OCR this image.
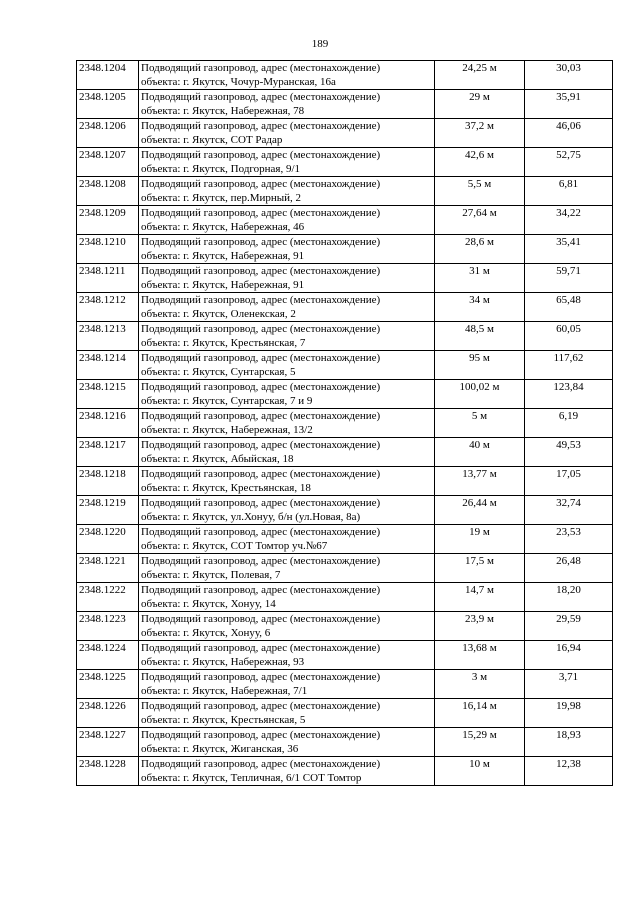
189
2348.1204	Подводящий газопровод, адрес (местонахождение)
объекта: г. Якутск, Чочур-Муранская, 16а	24,25 м	30,03
2348.1205	Подводящий газопровод, адрес (местонахождение)
объекта: г. Якутск, Набережная, 78	29 м	35,91
2348.1206	Подводящий газопровод, адрес (местонахождение)
объекта: г. Якутск, СОТ Радар	37,2 м	46,06
2348.1207	Подводящий газопровод, адрес (местонахождение)
объекта: г. Якутск, Подгорная, 9/1	42,6 м	52,75
2348.1208	Подводящий газопровод, адрес (местонахождение)
объекта: г. Якутск, пер.Мирный, 2	5,5 м	6,81
2348.1209	Подводящий газопровод, адрес (местонахождение)
объекта: г. Якутск, Набережная, 46	27,64 м	34,22
2348.1210	Подводящий газопровод, адрес (местонахождение)
объекта: г. Якутск, Набережная, 91	28,6 м	35,41
2348.1211	Подводящий газопровод, адрес (местонахождение)
объекта: г. Якутск, Набережная, 91	31 м	59,71
2348.1212	Подводящий газопровод, адрес (местонахождение)
объекта: г. Якутск, Оленекская, 2	34 м	65,48
2348.1213	Подводящий газопровод, адрес (местонахождение)
объекта: г. Якутск, Крестьянская, 7	48,5 м	60,05
2348.1214	Подводящий газопровод, адрес (местонахождение)
объекта: г. Якутск, Сунтарская, 5	95 м	117,62
2348.1215	Подводящий газопровод, адрес (местонахождение)
объекта: г. Якутск, Сунтарская, 7 и 9	100,02 м	123,84
2348.1216	Подводящий газопровод, адрес (местонахождение)
объекта: г. Якутск, Набережная, 13/2	5 м	6,19
2348.1217	Подводящий газопровод, адрес (местонахождение)
объекта: г. Якутск, Абыйская, 18	40 м	49,53
2348.1218	Подводящий газопровод, адрес (местонахождение)
объекта: г. Якутск, Крестьянская, 18	13,77 м	17,05
2348.1219	Подводящий газопровод, адрес (местонахождение)
объекта: г. Якутск, ул.Хонуу, б/н (ул.Новая, 8а)	26,44 м	32,74
2348.1220	Подводящий газопровод, адрес (местонахождение)
объекта: г. Якутск, СОТ Томтор уч.№67	19 м	23,53
2348.1221	Подводящий газопровод, адрес (местонахождение)
объекта: г. Якутск, Полевая, 7	17,5 м	26,48
2348.1222	Подводящий газопровод, адрес (местонахождение)
объекта: г. Якутск, Хонуу, 14	14,7 м	18,20
2348.1223	Подводящий газопровод, адрес (местонахождение)
объекта: г. Якутск, Хонуу, 6	23,9 м	29,59
2348.1224	Подводящий газопровод, адрес (местонахождение)
объекта: г. Якутск, Набережная, 93	13,68 м	16,94
2348.1225	Подводящий газопровод, адрес (местонахождение)
объекта: г. Якутск, Набережная, 7/1	3 м	3,71
2348.1226	Подводящий газопровод, адрес (местонахождение)
объекта: г. Якутск, Крестьянская, 5	16,14 м	19,98
2348.1227	Подводящий газопровод, адрес (местонахождение)
объекта: г. Якутск, Жиганская, 36	15,29 м	18,93
2348.1228	Подводящий газопровод, адрес (местонахождение)
объекта: г. Якутск, Тепличная, 6/1 СОТ Томтор	10 м	12,38
